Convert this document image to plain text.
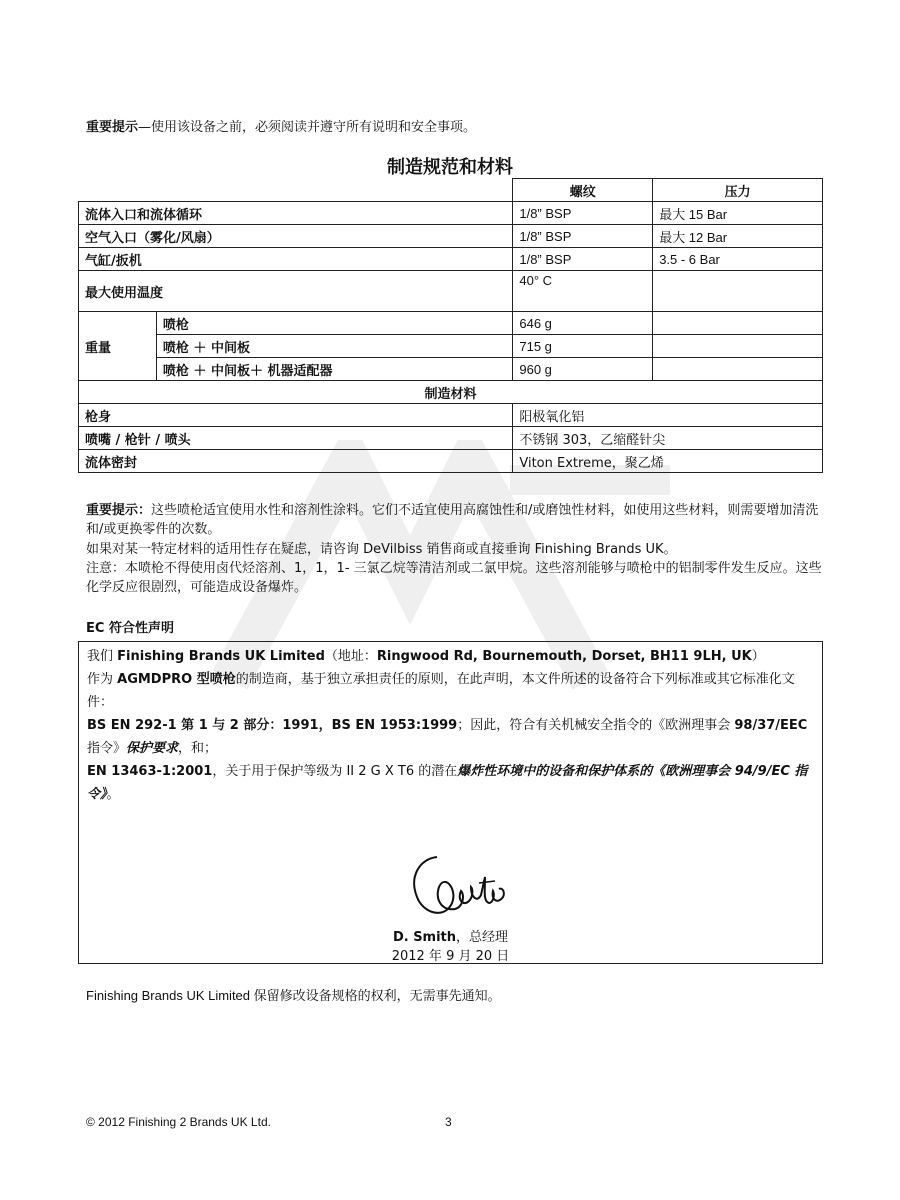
重要提示—使用该设备之前，必须阅读并遵守所有说明和安全事项。
制造规范和材料
		螺纹	压力
流体入口和流体循环		1/8” BSP	最大 15 Bar
空气入口（雾化/风扇）		1/8” BSP	最大 12 Bar
气缸/扳机		1/8” BSP	3.5 - 6 Bar
最大使用温度		40° C	
重量	喷枪	646 g	
	喷枪 ＋ 中间板	715 g	
	喷枪 ＋ 中间板＋ 机器适配器	960 g	
制造材料			
枪身		阳极氧化铝	
喷嘴 / 枪针 / 喷头		不锈钢 303，乙缩醛针尖	
流体密封		Viton Extreme，聚乙烯	
重要提示：这些喷枪适宜使用水性和溶剂性涂料。它们不适宜使用高腐蚀性和/或磨蚀性材料，如使用这些材料，则需要增加清洗和/或更换零件的次数。
如果对某一特定材料的适用性存在疑虑，请咨询 DeVilbiss 销售商或直接垂询 Finishing Brands UK。
注意：本喷枪不得使用卤代烃溶剂、1，1，1- 三氯乙烷等清洁剂或二氯甲烷。这些溶剂能够与喷枪中的铝制零件发生反应。这些化学反应很剧烈，可能造成设备爆炸。
EC 符合性声明
我们 Finishing Brands UK Limited（地址：Ringwood Rd, Bournemouth, Dorset, BH11 9LH, UK）
作为 AGMDPRO 型喷枪的制造商，基于独立承担责任的原则，在此声明，本文件所述的设备符合下列标准或其它标准化文件：
BS EN 292-1 第 1 与 2 部分：1991，BS EN 1953:1999；因此，符合有关机械安全指令的《欧洲理事会 98/37/EEC 指令》保护要求，和；
EN 13463-1:2001，关于用于保护等级为 II 2 G X T6 的潜在爆炸性环境中的设备和保护体系的《欧洲理事会 94/9/EC 指令》。
D. Smith，总经理
2012 年 9 月 20 日
Finishing Brands UK Limited 保留修改设备规格的权利，无需事先通知。
© 2012 Finishing 2 Brands UK Ltd.	3
